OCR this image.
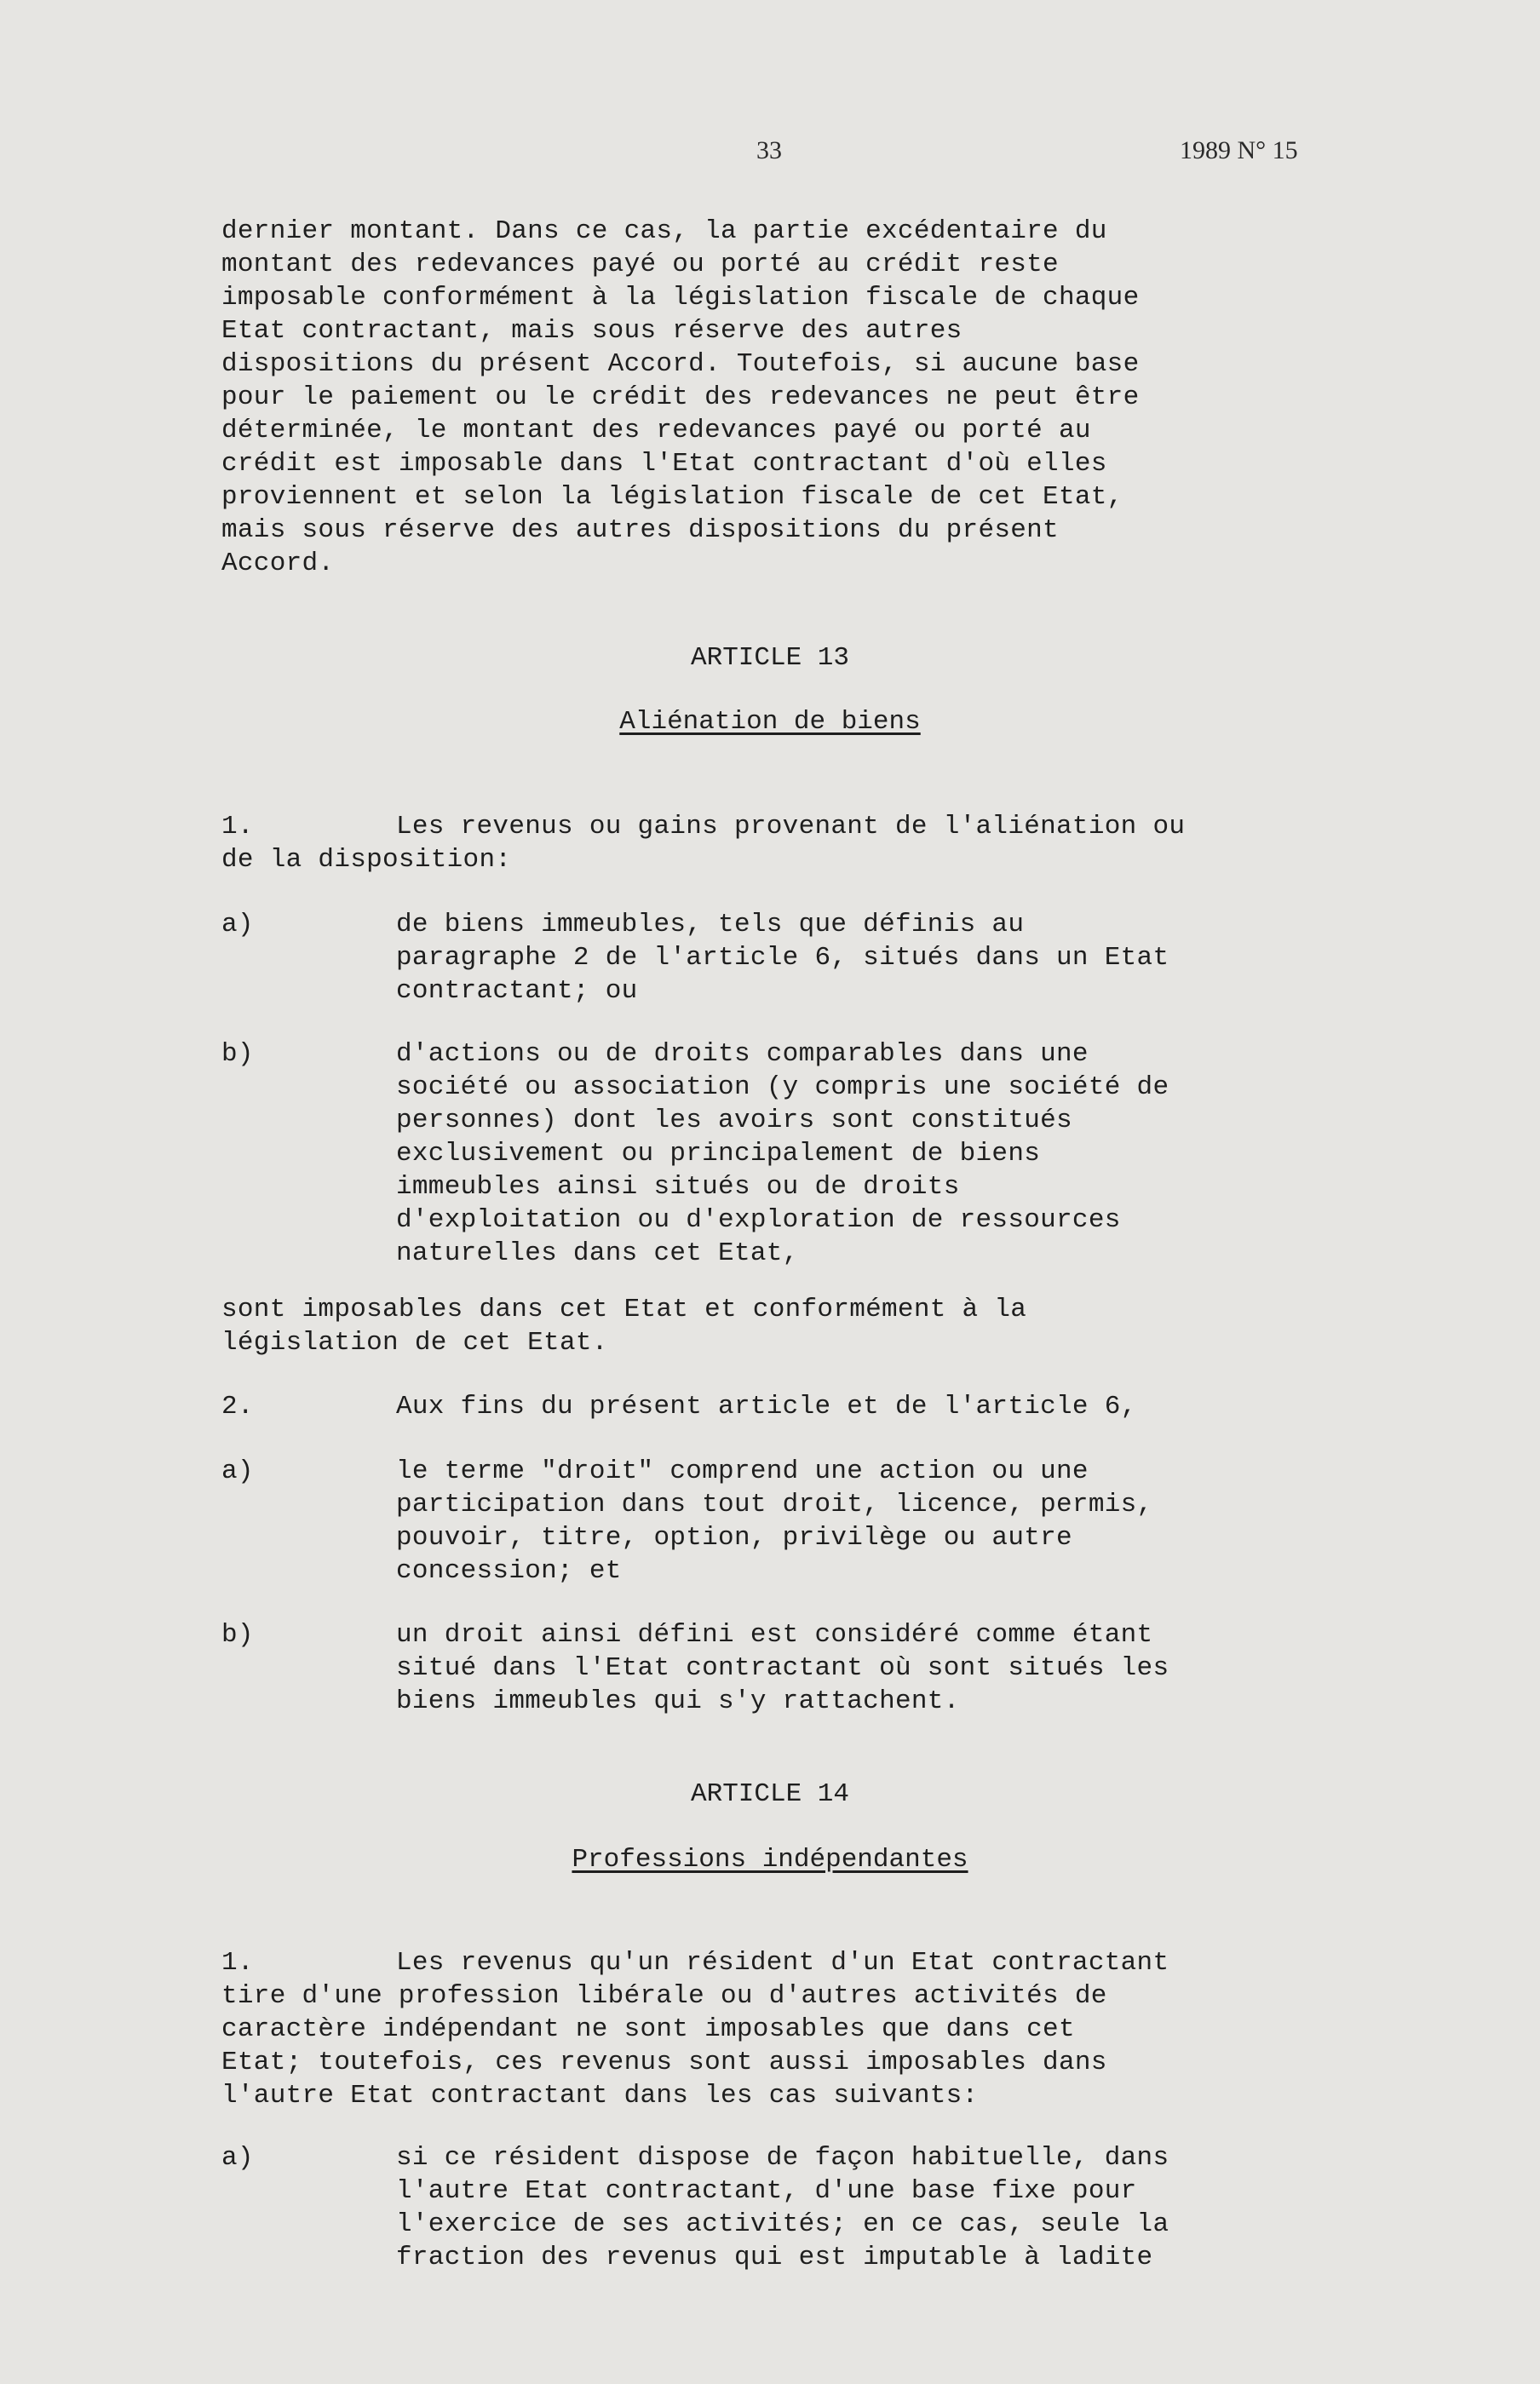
33	1989 N° 15
dernier montant. Dans ce cas, la partie excédentaire du
montant des redevances payé ou porté au crédit reste
imposable conformément à la législation fiscale de chaque
Etat contractant, mais sous réserve des autres
dispositions du présent Accord. Toutefois, si aucune base
pour le paiement ou le crédit des redevances ne peut être
déterminée, le montant des redevances payé ou porté au
crédit est imposable dans l'Etat contractant d'où elles
proviennent et selon la législation fiscale de cet Etat,
mais sous réserve des autres dispositions du présent
Accord.
ARTICLE 13
Aliénation de biens
1.	Les revenus ou gains provenant de l'aliénation ou
de la disposition:
a)	de biens immeubles, tels que définis au
paragraphe 2 de l'article 6, situés dans un Etat
contractant; ou
b)	d'actions ou de droits comparables dans une
société ou association (y compris une société de
personnes) dont les avoirs sont constitués
exclusivement ou principalement de biens
immeubles ainsi situés ou de droits
d'exploitation ou d'exploration de ressources
naturelles dans cet Etat,
sont imposables dans cet Etat et conformément à la
législation de cet Etat.
2.	Aux fins du présent article et de l'article 6,
a)	le terme "droit" comprend une action ou une
participation dans tout droit, licence, permis,
pouvoir, titre, option, privilège ou autre
concession; et
b)	un droit ainsi défini est considéré comme étant
situé dans l'Etat contractant où sont situés les
biens immeubles qui s'y rattachent.
ARTICLE 14
Professions indépendantes
1.	Les revenus qu'un résident d'un Etat contractant
tire d'une profession libérale ou d'autres activités de
caractère indépendant ne sont imposables que dans cet
Etat; toutefois, ces revenus sont aussi imposables dans
l'autre Etat contractant dans les cas suivants:
a)	si ce résident dispose de façon habituelle, dans
l'autre Etat contractant, d'une base fixe pour
l'exercice de ses activités; en ce cas, seule la
fraction des revenus qui est imputable à ladite
